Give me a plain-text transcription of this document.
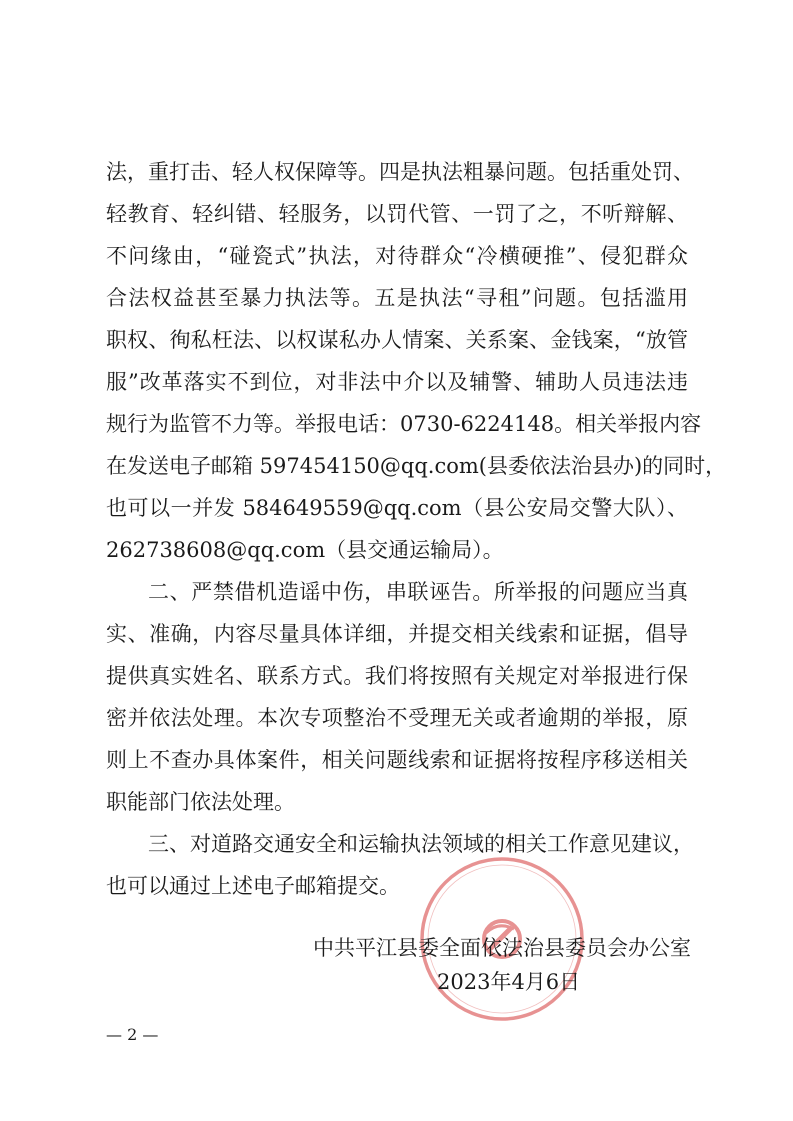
法，重打击、轻人权保障等。四是执法粗暴问题。包括重处罚、
轻教育、轻纠错、轻服务，以罚代管、一罚了之，不听辩解、
不问缘由，“碰瓷式”执法，对待群众“冷横硬推”、侵犯群众
合法权益甚至暴力执法等。五是执法“寻租”问题。包括滥用
职权、徇私枉法、以权谋私办人情案、关系案、金钱案，“放管
服”改革落实不到位，对非法中介以及辅警、辅助人员违法违
规行为监管不力等。举报电话：0730-6224148。相关举报内容
在发送电子邮箱 597454150@qq.com(县委依法治县办)的同时，
也可以一并发 584649559@qq.com（县公安局交警大队）、
262738608@qq.com（县交通运输局）。
二、严禁借机造谣中伤，串联诬告。所举报的问题应当真
实、准确，内容尽量具体详细，并提交相关线索和证据，倡导
提供真实姓名、联系方式。我们将按照有关规定对举报进行保
密并依法处理。本次专项整治不受理无关或者逾期的举报，原
则上不查办具体案件，相关问题线索和证据将按程序移送相关
职能部门依法处理。
三、对道路交通安全和运输执法领域的相关工作意见建议，
也可以通过上述电子邮箱提交。
中共平江县委全面依法治县委员会办公室
2023年4月6日
— 2 —
